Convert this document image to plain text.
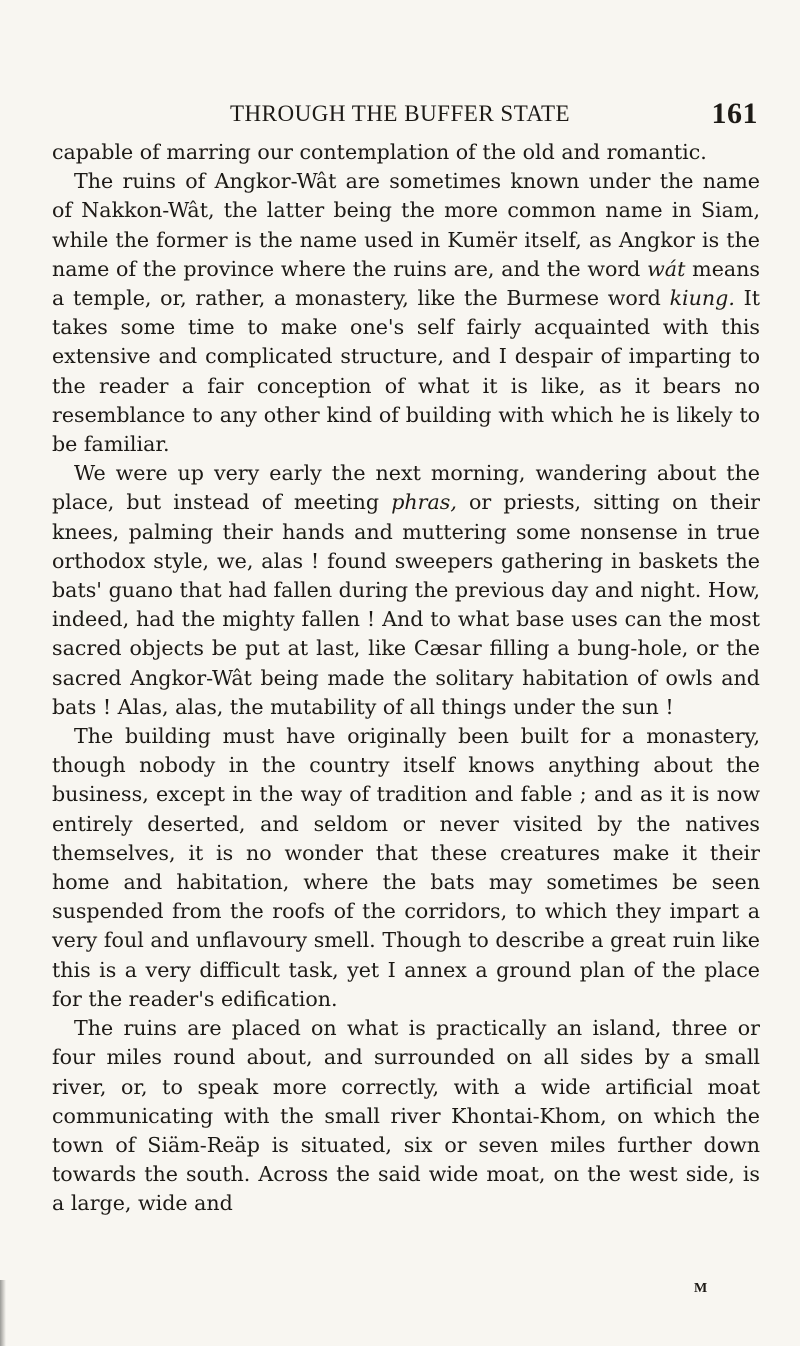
THROUGH THE BUFFER STATE	161

capable of marring our contemplation of the old and romantic.

The ruins of Angkor-Wât are sometimes known under the name of Nakkon-Wât, the latter being the more common name in Siam, while the former is the name used in Kumër itself, as Angkor is the name of the province where the ruins are, and the word wát means a temple, or, rather, a monastery, like the Burmese word kiung. It takes some time to make one's self fairly acquainted with this extensive and complicated structure, and I despair of imparting to the reader a fair conception of what it is like, as it bears no resemblance to any other kind of building with which he is likely to be familiar.

We were up very early the next morning, wandering about the place, but instead of meeting phras, or priests, sitting on their knees, palming their hands and muttering some nonsense in true orthodox style, we, alas ! found sweepers gathering in baskets the bats' guano that had fallen during the previous day and night. How, indeed, had the mighty fallen ! And to what base uses can the most sacred objects be put at last, like Cæsar filling a bung-hole, or the sacred Angkor-Wât being made the solitary habitation of owls and bats ! Alas, alas, the mutability of all things under the sun !

The building must have originally been built for a monastery, though nobody in the country itself knows anything about the business, except in the way of tradition and fable ; and as it is now entirely deserted, and seldom or never visited by the natives themselves, it is no wonder that these creatures make it their home and habitation, where the bats may sometimes be seen suspended from the roofs of the corridors, to which they impart a very foul and unflavoury smell. Though to describe a great ruin like this is a very difficult task, yet I annex a ground plan of the place for the reader's edification.

The ruins are placed on what is practically an island, three or four miles round about, and surrounded on all sides by a small river, or, to speak more correctly, with a wide artificial moat communicating with the small river Khontai-Khom, on which the town of Siäm-Reäp is situated, six or seven miles further down towards the south. Across the said wide moat, on the west side, is a large, wide and

M
